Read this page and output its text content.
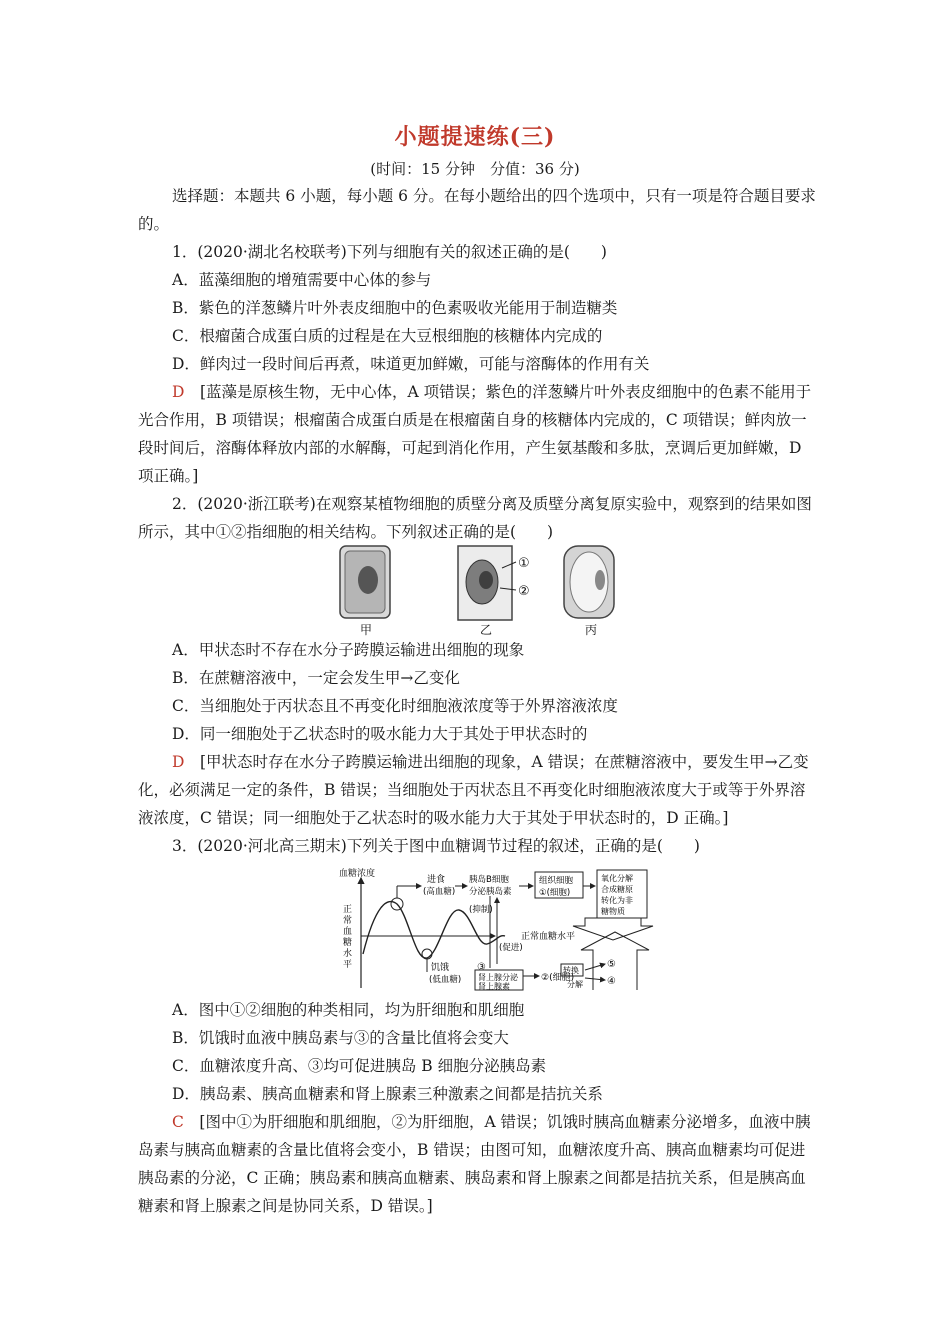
小题提速练(三)
(时间：15 分钟　分值：36 分)

选择题：本题共 6 小题，每小题 6 分。在每小题给出的四个选项中，只有一项是符合题目要求的。

1．(2020·湖北名校联考)下列与细胞有关的叙述正确的是(　　)

A．蓝藻细胞的增殖需要中心体的参与

B．紫色的洋葱鳞片叶外表皮细胞中的色素吸收光能用于制造糖类

C．根瘤菌合成蛋白质的过程是在大豆根细胞的核糖体内完成的

D．鲜肉过一段时间后再煮，味道更加鲜嫩，可能与溶酶体的作用有关

D　 [蓝藻是原核生物，无中心体，A 项错误；紫色的洋葱鳞片叶外表皮细胞中的色素不能用于光合作用，B 项错误；根瘤菌合成蛋白质是在根瘤菌自身的核糖体内完成的，C 项错误；鲜肉放一段时间后，溶酶体释放内部的水解酶，可起到消化作用，产生氨基酸和多肽，烹调后更加鲜嫩，D 项正确。]

2．(2020·浙江联考)在观察某植物细胞的质壁分离及质壁分离复原实验中，观察到的结果如图所示，其中①②指细胞的相关结构。下列叙述正确的是(　　)

①
②
甲	乙	丙

A．甲状态时不存在水分子跨膜运输进出细胞的现象

B．在蔗糖溶液中，一定会发生甲→乙变化

C．当细胞处于丙状态且不再变化时细胞液浓度等于外界溶液浓度

D．同一细胞处于乙状态时的吸水能力大于其处于甲状态时的

D　 [甲状态时存在水分子跨膜运输进出细胞的现象，A 错误；在蔗糖溶液中，要发生甲→乙变化，必须满足一定的条件，B 错误；当细胞处于丙状态且不再变化时细胞液浓度大于或等于外界溶液浓度，C 错误；同一细胞处于乙状态时的吸水能力大于其处于甲状态时的，D 正确。]

3．(2020·河北高三期末)下列关于图中血糖调节过程的叙述，正确的是(　　)

血糖浓度
正
常
血
糖
水
平
正常血糖水平
进食
(高血糖)
胰岛B细胞
分泌胰岛素
组织细胞
①(细胞)
氧化分解
合成糖原
转化为非
糖物质
(抑制)
(促进)
饥饿
(低血糖)
③
肾上腺分泌
肾上腺素
②(细胞)
转换
分解
⑤
④

A．图中①②细胞的种类相同，均为肝细胞和肌细胞

B．饥饿时血液中胰岛素与③的含量比值将会变大

C．血糖浓度升高、③均可促进胰岛 B 细胞分泌胰岛素

D．胰岛素、胰高血糖素和肾上腺素三种激素之间都是拮抗关系

C　 [图中①为肝细胞和肌细胞，②为肝细胞，A 错误；饥饿时胰高血糖素分泌增多，血液中胰岛素与胰高血糖素的含量比值将会变小，B 错误；由图可知，血糖浓度升高、胰高血糖素均可促进胰岛素的分泌，C 正确；胰岛素和胰高血糖素、胰岛素和肾上腺素之间都是拮抗关系，但是胰高血糖素和肾上腺素之间是协同关系，D 错误。]
